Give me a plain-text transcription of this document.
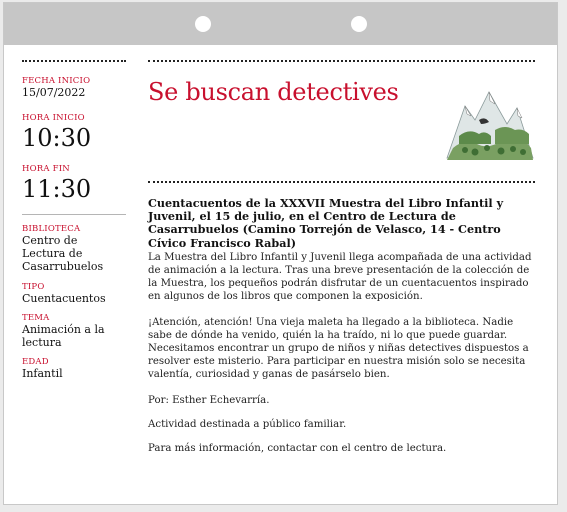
FECHA INICIO
15/07/2022
HORA INICIO
10:30
HORA FIN
11:30
BIBLIOTECA
Centro de Lectura de Casarrubuelos
TIPO
Cuentacuentos
TEMA
Animación a la lectura
EDAD
Infantil
Se buscan detectives
Cuentacuentos de la XXXVII Muestra del Libro Infantil y Juvenil, el 15 de julio, en el Centro de Lectura de Casarrubuelos (Camino Torrejón de Velasco, 14 - Centro Cívico Francisco Rabal)
La Muestra del Libro Infantil y Juvenil llega acompañada de una actividad de animación a la lectura. Tras una breve presentación de la colección de la Muestra, los pequeños podrán disfrutar de un cuentacuentos inspirado en algunos de los libros que componen la exposición.
¡Atención, atención! Una vieja maleta ha llegado a la biblioteca. Nadie sabe de dónde ha venido, quién la ha traído, ni lo que puede guardar. Necesitamos encontrar un grupo de niños y niñas detectives dispuestos a resolver este misterio. Para participar en nuestra misión solo se necesita valentía, curiosidad y ganas de pasárselo bien.
Por: Esther Echevarría.
Actividad destinada a público familiar.
Para más información, contactar con el centro de lectura.
